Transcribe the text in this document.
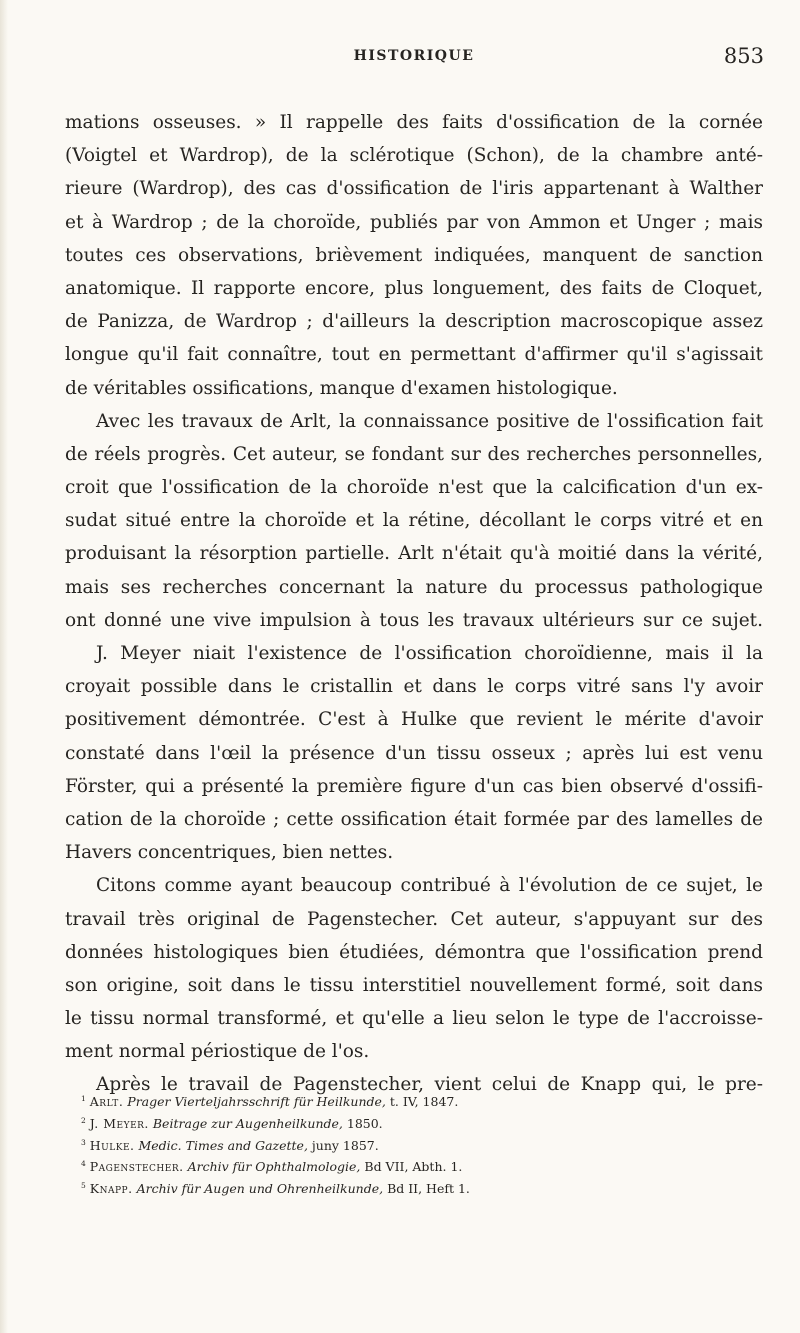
HISTORIQUE	853
mations osseuses. » Il rappelle des faits d'ossification de la cornée
(Voigtel et Wardrop), de la sclérotique (Schon), de la chambre anté-
rieure (Wardrop), des cas d'ossification de l'iris appartenant à Walther
et à Wardrop ; de la choroïde, publiés par von Ammon et Unger ; mais
toutes ces observations, brièvement indiquées, manquent de sanction
anatomique. Il rapporte encore, plus longuement, des faits de Cloquet,
de Panizza, de Wardrop ; d'ailleurs la description macroscopique assez
longue qu'il fait connaître, tout en permettant d'affirmer qu'il s'agissait
de véritables ossifications, manque d'examen histologique.
Avec les travaux de Arlt, la connaissance positive de l'ossification fait
de réels progrès. Cet auteur, se fondant sur des recherches personnelles,
croit que l'ossification de la choroïde n'est que la calcification d'un ex-
sudat situé entre la choroïde et la rétine, décollant le corps vitré et en
produisant la résorption partielle. Arlt n'était qu'à moitié dans la vérité,
mais ses recherches concernant la nature du processus pathologique
ont donné une vive impulsion à tous les travaux ultérieurs sur ce sujet.
J. Meyer niait l'existence de l'ossification choroïdienne, mais il la
croyait possible dans le cristallin et dans le corps vitré sans l'y avoir
positivement démontrée. C'est à Hulke que revient le mérite d'avoir
constaté dans l'œil la présence d'un tissu osseux ; après lui est venu
Förster, qui a présenté la première figure d'un cas bien observé d'ossifi-
cation de la choroïde ; cette ossification était formée par des lamelles de
Havers concentriques, bien nettes.
Citons comme ayant beaucoup contribué à l'évolution de ce sujet, le
travail très original de Pagenstecher. Cet auteur, s'appuyant sur des
données histologiques bien étudiées, démontra que l'ossification prend
son origine, soit dans le tissu interstitiel nouvellement formé, soit dans
le tissu normal transformé, et qu'elle a lieu selon le type de l'accroisse-
ment normal périostique de l'os.
Après le travail de Pagenstecher, vient celui de Knapp qui, le pre-
$^1$ Arlt. Prager Vierteljahrsschrift für Heilkunde, t. IV, 1847.
$^2$ J. Meyer. Beitrage zur Augenheilkunde, 1850.
$^3$ Hulke. Medic. Times and Gazette, juny 1857.
$^4$ Pagenstecher. Archiv für Ophthalmologie, Bd VII, Abth. 1.
$^5$ Knapp. Archiv für Augen und Ohrenheilkunde, Bd II, Heft 1.
